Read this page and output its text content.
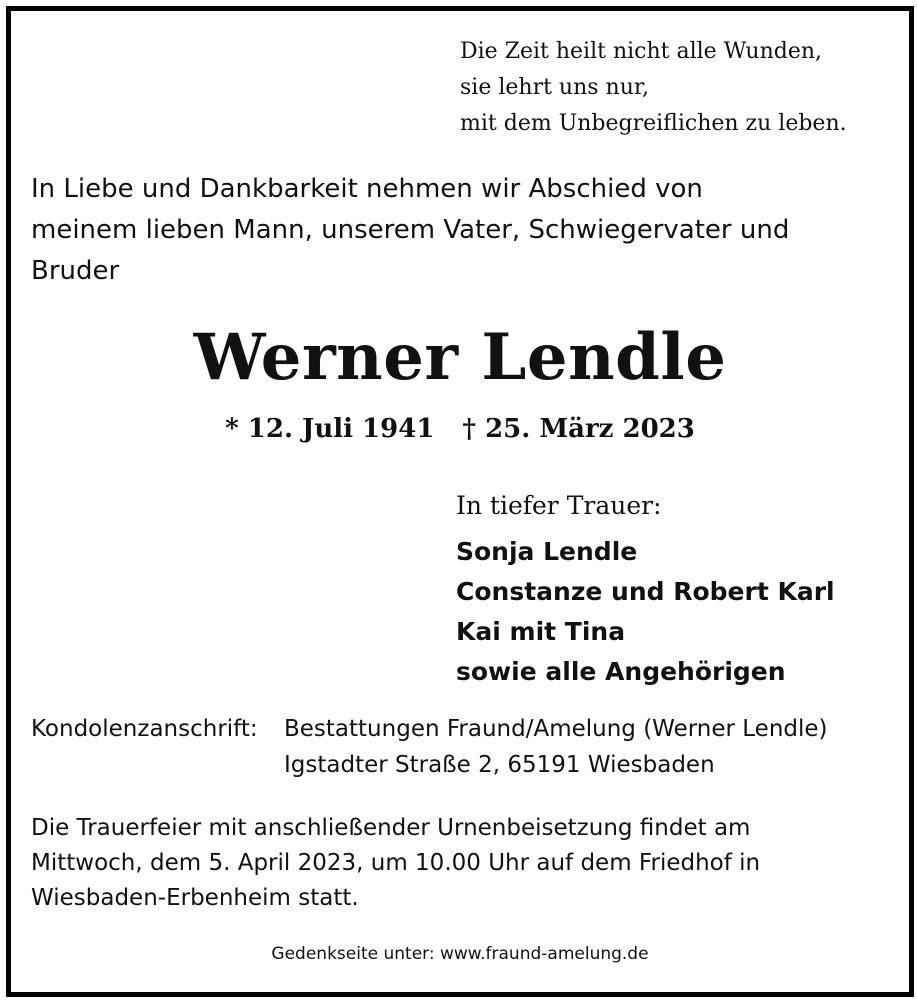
Die Zeit heilt nicht alle Wunden,
sie lehrt uns nur,
mit dem Unbegreiflichen zu leben.
In Liebe und Dankbarkeit nehmen wir Abschied von
meinem lieben Mann, unserem Vater, Schwiegervater und
Bruder
Werner Lendle
* 12. Juli 1941 † 25. März 2023
In tiefer Trauer:
Sonja Lendle
Constanze und Robert Karl
Kai mit Tina
sowie alle Angehörigen
Kondolenzanschrift: Bestattungen Fraund/Amelung (Werner Lendle)
Igstadter Straße 2, 65191 Wiesbaden
Die Trauerfeier mit anschließender Urnenbeisetzung findet am
Mittwoch, dem 5. April 2023, um 10.00 Uhr auf dem Friedhof in
Wiesbaden-Erbenheim statt.
Gedenkseite unter: www.fraund-amelung.de
